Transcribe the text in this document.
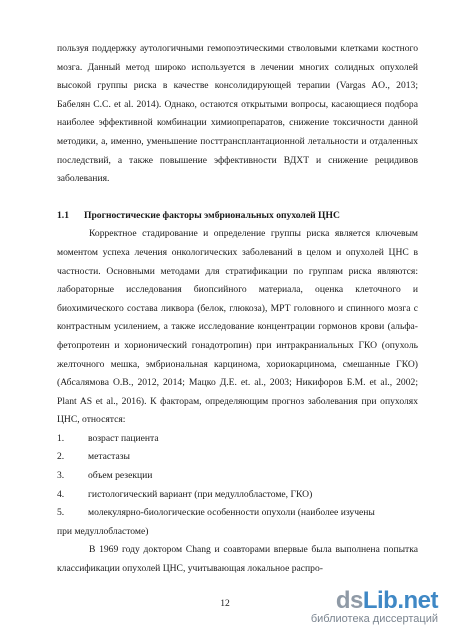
пользуя поддержку аутологичными гемопоэтическими стволовыми клетками костного мозга. Данный метод широко используется в лечении многих солидных опухолей высокой группы риска в качестве консолидирующей терапии (Vargas AO., 2013; Бабелян С.С. et al. 2014). Однако, остаются открытыми вопросы, касающиеся подбора наиболее эффективной комбинации химиопрепаратов, снижение токсичности данной методики, а, именно, уменьшение посттрансплантационной летальности и отдаленных последствий, а также повышение эффективности ВДХТ и снижение рецидивов заболевания.

1.1	Прогностические факторы эмбриональных опухолей ЦНС

Корректное стадирование и определение группы риска является ключевым моментом успеха лечения онкологических заболеваний в целом и опухолей ЦНС в частности. Основными методами для стратификации по группам риска являются: лабораторные исследования биопсийного материала, оценка клеточного и биохимического состава ликвора (белок, глюкоза), МРТ головного и спинного мозга с контрастным усилением, а также исследование концентрации гормонов крови (альфа-фетопротеин и хорионический гонадотропин) при интракраниальных ГКО (опухоль желточного мешка, эмбриональная карцинома, хориокарцинома, смешанные ГКО) (Абсалямова О.В., 2012, 2014; Мацко Д.Е. et. al., 2003; Никифоров Б.М. et al., 2002; Plant AS et al., 2016). К факторам, определяющим прогноз заболевания при опухолях ЦНС, относятся:

1.	возраст пациента
2.	метастазы
3.	объем резекции
4.	гистологический вариант (при медуллобластоме, ГКО)
5.	молекулярно-биологические особенности опухоли (наиболее изучены

при медуллобластоме)

В 1969 году доктором Chang и соавторами впервые была выполнена попытка классификации опухолей ЦНС, учитывающая локальное распро-

12	dsLib.net
библиотека диссертаций
